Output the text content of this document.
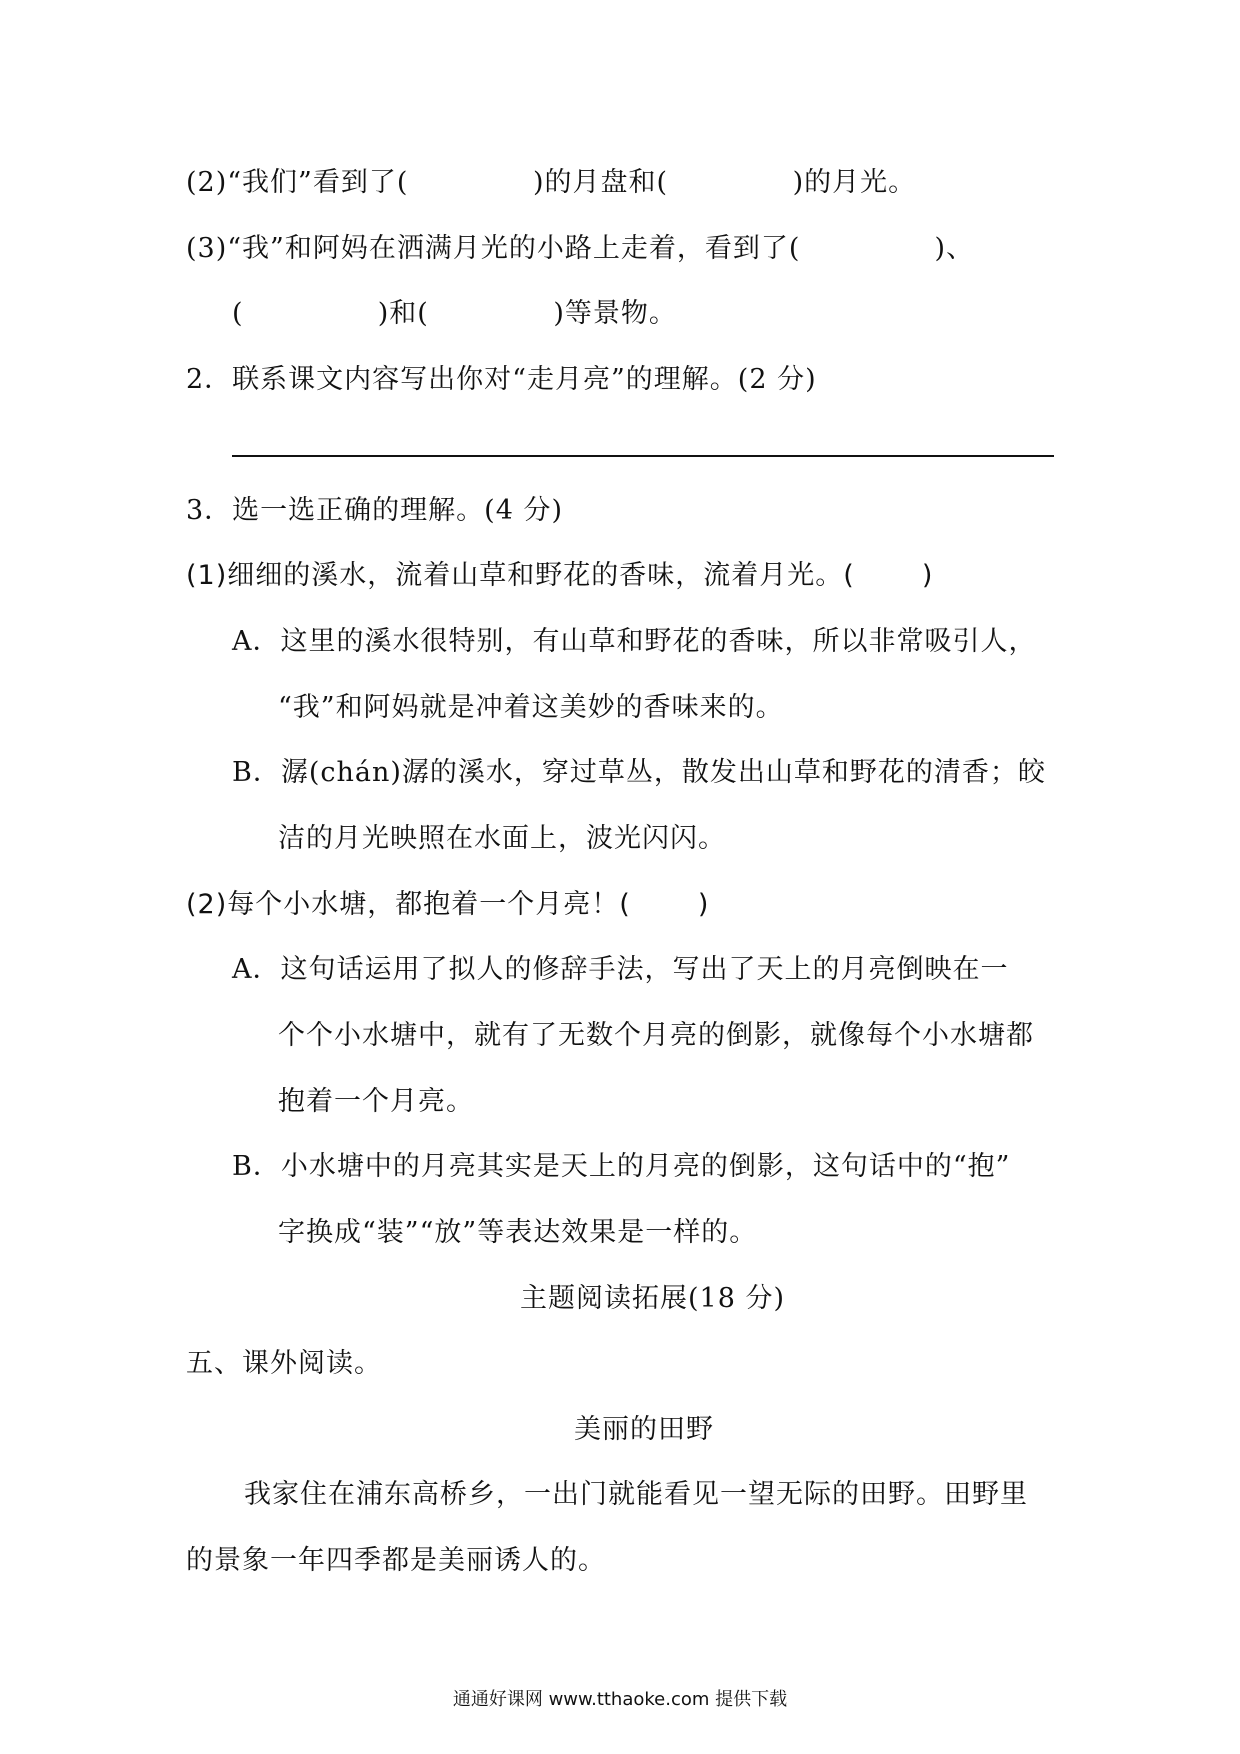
(2)“我们”看到了(             )的月盘和(             )的月光。
(3)“我”和阿妈在洒满月光的小路上走着，看到了(              )、
(              )和(             )等景物。
2．联系课文内容写出你对“走月亮”的理解。(2 分)
3．选一选正确的理解。(4 分)
(1)细细的溪水，流着山草和野花的香味，流着月光。(       )
A．这里的溪水很特别，有山草和野花的香味，所以非常吸引人，
“我”和阿妈就是冲着这美妙的香味来的。
B．潺(chán)潺的溪水，穿过草丛，散发出山草和野花的清香；皎
洁的月光映照在水面上，波光闪闪。
(2)每个小水塘，都抱着一个月亮！(       )
A．这句话运用了拟人的修辞手法，写出了天上的月亮倒映在一
个个小水塘中，就有了无数个月亮的倒影，就像每个小水塘都
抱着一个月亮。
B．小水塘中的月亮其实是天上的月亮的倒影，这句话中的“抱”
字换成“装”“放”等表达效果是一样的。
主题阅读拓展(18 分)
五、课外阅读。
美丽的田野
我家住在浦东高桥乡，一出门就能看见一望无际的田野。田野里
的景象一年四季都是美丽诱人的。
通通好课网 www.tthaoke.com 提供下载
